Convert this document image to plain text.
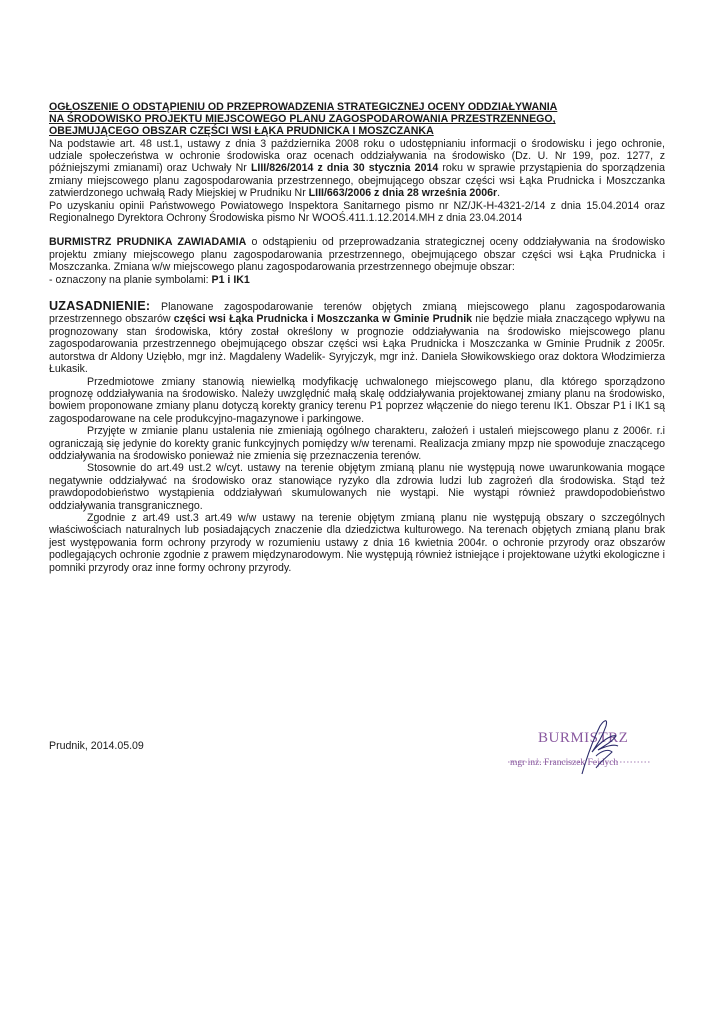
OGŁOSZENIE O ODSTĄPIENIU OD PRZEPROWADZENIA STRATEGICZNEJ OCENY ODDZIAŁYWANIA
NA ŚRODOWISKO PROJEKTU MIEJSCOWEGO PLANU ZAGOSPODAROWANIA PRZESTRZENNEGO,
OBEJMUJĄCEGO OBSZAR CZĘŚCI WSI ŁĄKA PRUDNICKA I MOSZCZANKA

Na podstawie art. 48 ust.1, ustawy z dnia 3 października 2008 roku o udostępnianiu informacji o środowisku i jego ochronie, udziale społeczeństwa w ochronie środowiska oraz ocenach oddziaływania na środowisko (Dz. U. Nr 199, poz. 1277, z późniejszymi zmianami) oraz Uchwały Nr LIII/826/2014 z dnia 30 stycznia 2014 roku w sprawie przystąpienia do sporządzenia zmiany miejscowego planu zagospodarowania przestrzennego, obejmującego obszar części wsi Łąka Prudnicka i Moszczanka zatwierdzonego uchwałą Rady Miejskiej w Prudniku Nr LIII/663/2006 z dnia 28 września 2006r.

Po uzyskaniu opinii Państwowego Powiatowego Inspektora Sanitarnego pismo nr NZ/JK-H-4321-2/14 z dnia 15.04.2014 oraz Regionalnego Dyrektora Ochrony Środowiska pismo Nr WOOŚ.411.1.12.2014.MH z dnia 23.04.2014

BURMISTRZ PRUDNIKA ZAWIADAMIA o odstąpieniu od przeprowadzania strategicznej oceny oddziaływania na środowisko projektu zmiany miejscowego planu zagospodarowania przestrzennego, obejmującego obszar części wsi Łąka Prudnicka i Moszczanka. Zmiana w/w miejscowego planu zagospodarowania przestrzennego obejmuje obszar:

- oznaczony na planie symbolami: P1 i IK1

UZASADNIENIE: Planowane zagospodarowanie terenów objętych zmianą miejscowego planu zagospodarowania przestrzennego obszarów części wsi Łąka Prudnicka i Moszczanka w Gminie Prudnik nie będzie miała znaczącego wpływu na prognozowany stan środowiska, który został określony w prognozie oddziaływania na środowisko miejscowego planu zagospodarowania przestrzennego obejmującego obszar części wsi Łąka Prudnicka i Moszczanka w Gminie Prudnik z 2005r. autorstwa dr Aldony Uziębło, mgr inż. Magdaleny Wadelik- Syryjczyk, mgr inż. Daniela Słowikowskiego oraz doktora Włodzimierza Łukasik.

Przedmiotowe zmiany stanowią niewielką modyfikację uchwalonego miejscowego planu, dla którego sporządzono prognozę oddziaływania na środowisko. Należy uwzględnić małą skalę oddziaływania projektowanej zmiany planu na środowisko, bowiem proponowane zmiany planu dotyczą korekty granicy terenu P1 poprzez włączenie do niego terenu IK1. Obszar P1 i IK1 są zagospodarowane na cele produkcyjno-magazynowe i parkingowe.

Przyjęte w zmianie planu ustalenia nie zmieniają ogólnego charakteru, założeń i ustaleń miejscowego planu z 2006r. r.i ograniczają się jedynie do korekty granic funkcyjnych pomiędzy w/w terenami. Realizacja zmiany mpzp nie spowoduje znaczącego oddziaływania na środowisko ponieważ nie zmienia się przeznaczenia terenów.

Stosownie do art.49 ust.2 w/cyt. ustawy na terenie objętym zmianą planu nie występują nowe uwarunkowania mogące negatywnie oddziaływać na środowisko oraz stanowiące ryzyko dla zdrowia ludzi lub zagrożeń dla środowiska. Stąd też prawdopodobieństwo wystąpienia oddziaływań skumulowanych nie wystąpi. Nie wystąpi również prawdopodobieństwo oddziaływania transgranicznego.

Zgodnie z art.49 ust.3 art.49 w/w ustawy na terenie objętym zmianą planu nie występują obszary o szczególnych właściwościach naturalnych lub posiadających znaczenie dla dziedzictwa kulturowego. Na terenach objętych zmianą planu brak jest występowania form ochrony przyrody w rozumieniu ustawy z dnia 16 kwietnia 2004r. o ochronie przyrody oraz obszarów podlegających ochronie zgodnie z prawem międzynarodowym. Nie występują również istniejące i projektowane użytki ekologiczne i pomniki przyrody oraz inne formy ochrony przyrody.

Prudnik, 2014.05.09	BURMISTRZ
mgr inż. Franciszek Fejdych
